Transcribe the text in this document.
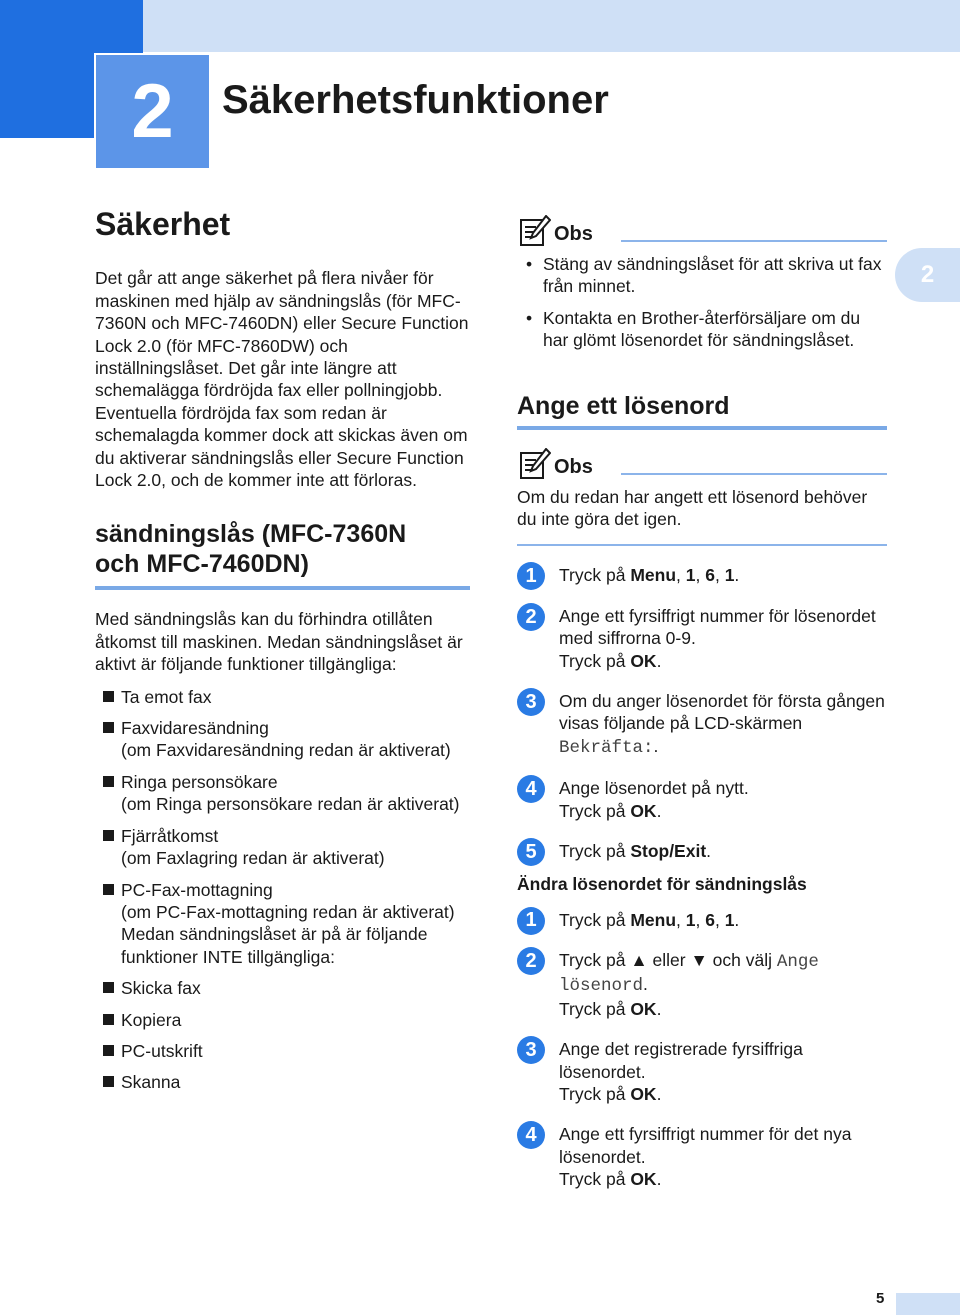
2	Säkerhetsfunktioner
2
Säkerhet

Det går att ange säkerhet på flera nivåer för maskinen med hjälp av sändningslås (för MFC-7360N och MFC-7460DN) eller Secure Function Lock 2.0 (för MFC-7860DW) och inställningslåset. Det går inte längre att schemalägga fördröjda fax eller pollningjobb. Eventuella fördröjda fax som redan är schemalagda kommer dock att skickas även om du aktiverar sändningslås eller Secure Function Lock 2.0, och de kommer inte att förloras.

sändningslås (MFC-7360N
och MFC-7460DN)

Med sändningslås kan du förhindra otillåten åtkomst till maskinen. Medan sändningslåset är aktivt är följande funktioner tillgängliga:

Ta emot fax
Faxvidaresändning
(om Faxvidaresändning redan är aktiverat)
Ringa personsökare
(om Ringa personsökare redan är aktiverat)
Fjärråtkomst
(om Faxlagring redan är aktiverat)
PC-Fax-mottagning
(om PC-Fax-mottagning redan är aktiverat) Medan sändningslåset är på är följande funktioner INTE tillgängliga:
Skicka fax
Kopiera
PC-utskrift
Skanna
Obs
• Stäng av sändningslåset för att skriva ut fax från minnet.
• Kontakta en Brother-återförsäljare om du har glömt lösenordet för sändningslåset.
Ange ett lösenord
Obs

Om du redan har angett ett lösenord behöver du inte göra det igen.

1	Tryck på Menu, 1, 6, 1.
2	Ange ett fyrsiffrigt nummer för lösenordet med siffrorna 0-9.
Tryck på OK.
3	Om du anger lösenordet för första gången visas följande på LCD-skärmen
Bekräfta:.
4	Ange lösenordet på nytt.
Tryck på OK.
5	Tryck på Stop/Exit.

Ändra lösenordet för sändningslås

1	Tryck på Menu, 1, 6, 1.
2	Tryck på ▲ eller ▼ och välj Ange lösenord.
Tryck på OK.
3	Ange det registrerade fyrsiffriga lösenordet.
Tryck på OK.
4	Ange ett fyrsiffrigt nummer för det nya lösenordet.
Tryck på OK.
5
